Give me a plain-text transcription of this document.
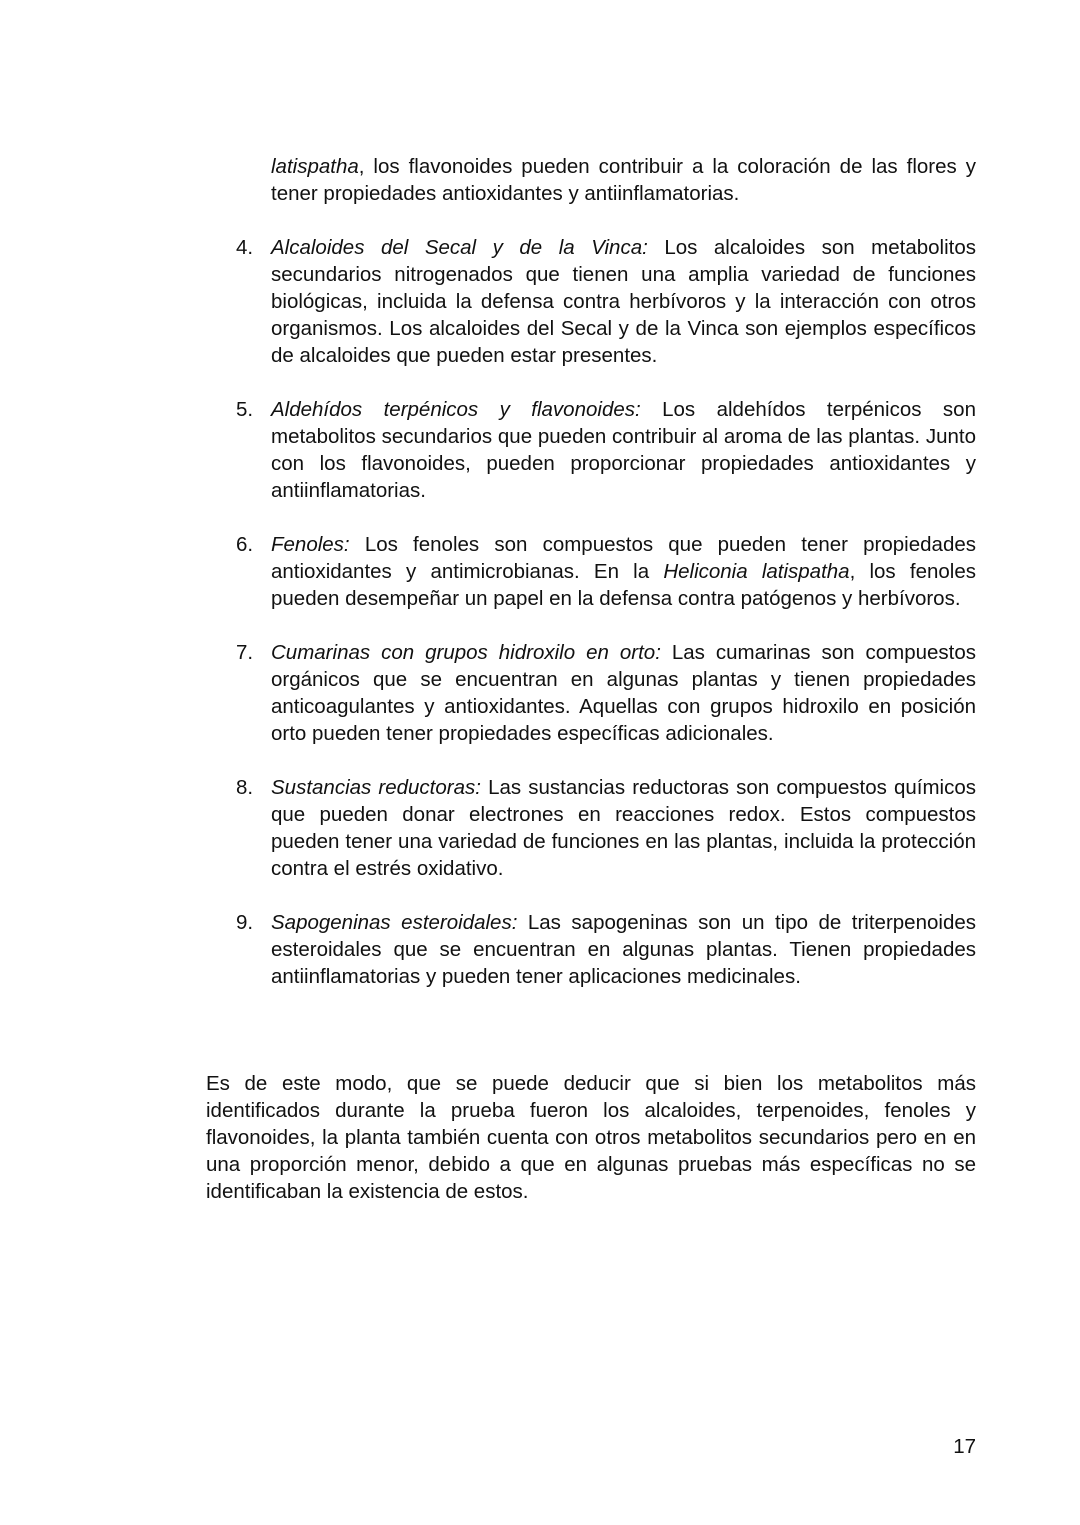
latispatha, los flavonoides pueden contribuir a la coloración de las flores y tener propiedades antioxidantes y antiinflamatorias.

4. Alcaloides del Secal y de la Vinca: Los alcaloides son metabolitos secundarios nitrogenados que tienen una amplia variedad de funciones biológicas, incluida la defensa contra herbívoros y la interacción con otros organismos. Los alcaloides del Secal y de la Vinca son ejemplos específicos de alcaloides que pueden estar presentes.
5. Aldehídos terpénicos y flavonoides: Los aldehídos terpénicos son metabolitos secundarios que pueden contribuir al aroma de las plantas. Junto con los flavonoides, pueden proporcionar propiedades antioxidantes y antiinflamatorias.
6. Fenoles: Los fenoles son compuestos que pueden tener propiedades antioxidantes y antimicrobianas. En la Heliconia latispatha, los fenoles pueden desempeñar un papel en la defensa contra patógenos y herbívoros.
7. Cumarinas con grupos hidroxilo en orto: Las cumarinas son compuestos orgánicos que se encuentran en algunas plantas y tienen propiedades anticoagulantes y antioxidantes. Aquellas con grupos hidroxilo en posición orto pueden tener propiedades específicas adicionales.
8. Sustancias reductoras: Las sustancias reductoras son compuestos químicos que pueden donar electrones en reacciones redox. Estos compuestos pueden tener una variedad de funciones en las plantas, incluida la protección contra el estrés oxidativo.
9. Sapogeninas esteroidales: Las sapogeninas son un tipo de triterpenoides esteroidales que se encuentran en algunas plantas. Tienen propiedades antiinflamatorias y pueden tener aplicaciones medicinales.

Es de este modo, que se puede deducir que si bien los metabolitos más identificados durante la prueba fueron los alcaloides, terpenoides, fenoles y flavonoides, la planta también cuenta con otros metabolitos secundarios pero en en una proporción menor, debido a que en algunas pruebas más específicas no se identificaban la existencia de estos.

17
